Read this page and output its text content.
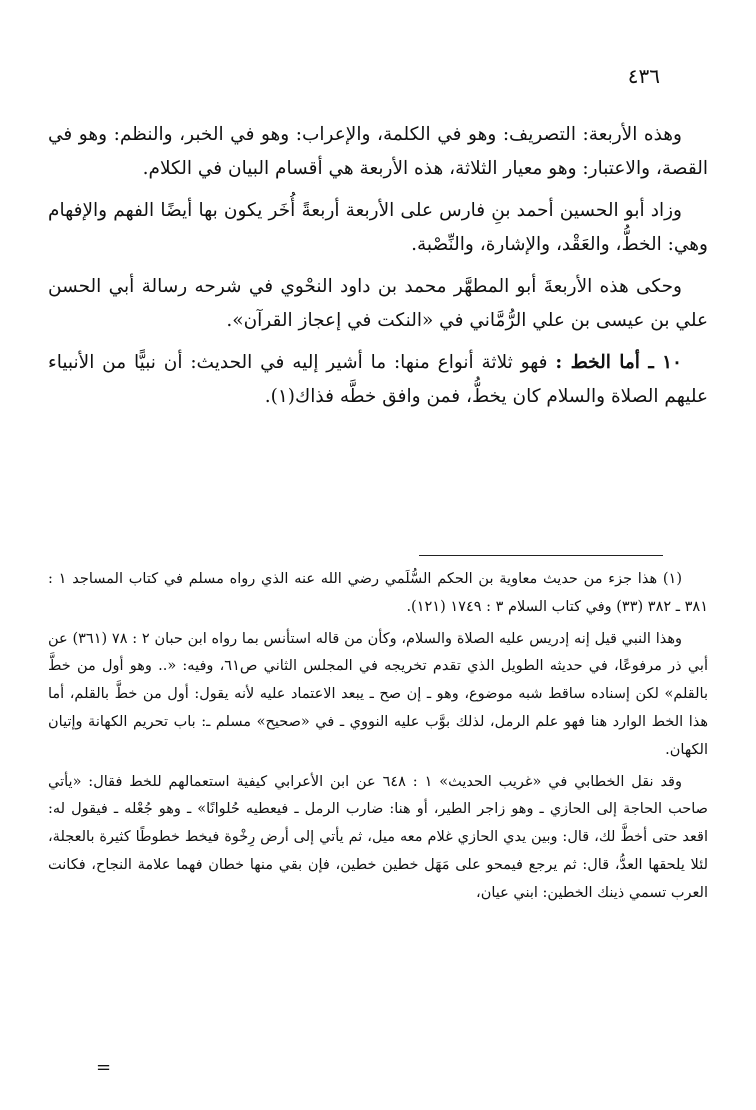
٤٣٦

وهذه الأربعة: التصريف: وهو في الكلمة، والإعراب: وهو في الخبر، والنظم: وهو في القصة، والاعتبار: وهو معيار الثلاثة، هذه الأربعة هي أقسام البيان في الكلام.

وزاد أبو الحسين أحمد بنِ فارس على الأربعة أربعةً أُخَر يكون بها أيضًا الفهم والإفهام وهي: الخطُّ، والعَقْد، والإشارة، والنِّصْبة.

وحكى هذه الأربعةَ أبو المطهَّر محمد بن داود النحْوي في شرحه رسالة أبي الحسن علي بن عيسى بن علي الرُّمَّاني في «النكت في إعجاز القرآن».

١٠ ـ أما الخط : فهو ثلاثة أنواع منها: ما أشير إليه في الحديث: أن نبيًّا من الأنبياء عليهم الصلاة والسلام كان يخطُّ، فمن وافق خطَّه فذاك(١).

(١) هذا جزء من حديث معاوية بن الحكم السُّلَمي رضي الله عنه الذي رواه مسلم في كتاب المساجد ١ : ٣٨١ ـ ٣٨٢ (٣٣) وفي كتاب السلام ٣ : ١٧٤٩ (١٢١).

وهذا النبي قيل إنه إدريس عليه الصلاة والسلام، وكأن من قاله استأنس بما رواه ابن حبان ٢ : ٧٨ (٣٦١) عن أبي ذر مرفوعًا، في حديثه الطويل الذي تقدم تخريجه في المجلس الثاني ص٦١، وفيه: «.. وهو أول من خطَّ بالقلم» لكن إسناده ساقط شبه موضوع، وهو ـ إن صح ـ يبعد الاعتماد عليه لأنه يقول: أول من خطَّ بالقلم، أما هذا الخط الوارد هنا فهو علم الرمل، لذلك بوَّب عليه النووي ـ في «صحيح» مسلم ـ: باب تحريم الكهانة وإتيان الكهان.

وقد نقل الخطابي في «غريب الحديث» ١ : ٦٤٨ عن ابن الأعرابي كيفية استعمالهم للخط فقال: «يأتي صاحب الحاجة إلى الحازي ـ وهو زاجر الطير، أو هنا: ضارب الرمل ـ فيعطيه حُلوانًا» ـ وهو جُعْله ـ فيقول له: اقعد حتى أخطَّ لك، قال: وبين يدي الحازي غلام معه ميل، ثم يأتي إلى أرض رِخْوة فيخط خطوطًا كثيرة بالعجلة، لئلا يلحقها العدُّ، قال: ثم يرجع فيمحو على مَهَل خطين خطين، فإن بقي منها خطان فهما علامة النجاح، فكانت العرب تسمي ذينك الخطين: ابني عيان،

=
